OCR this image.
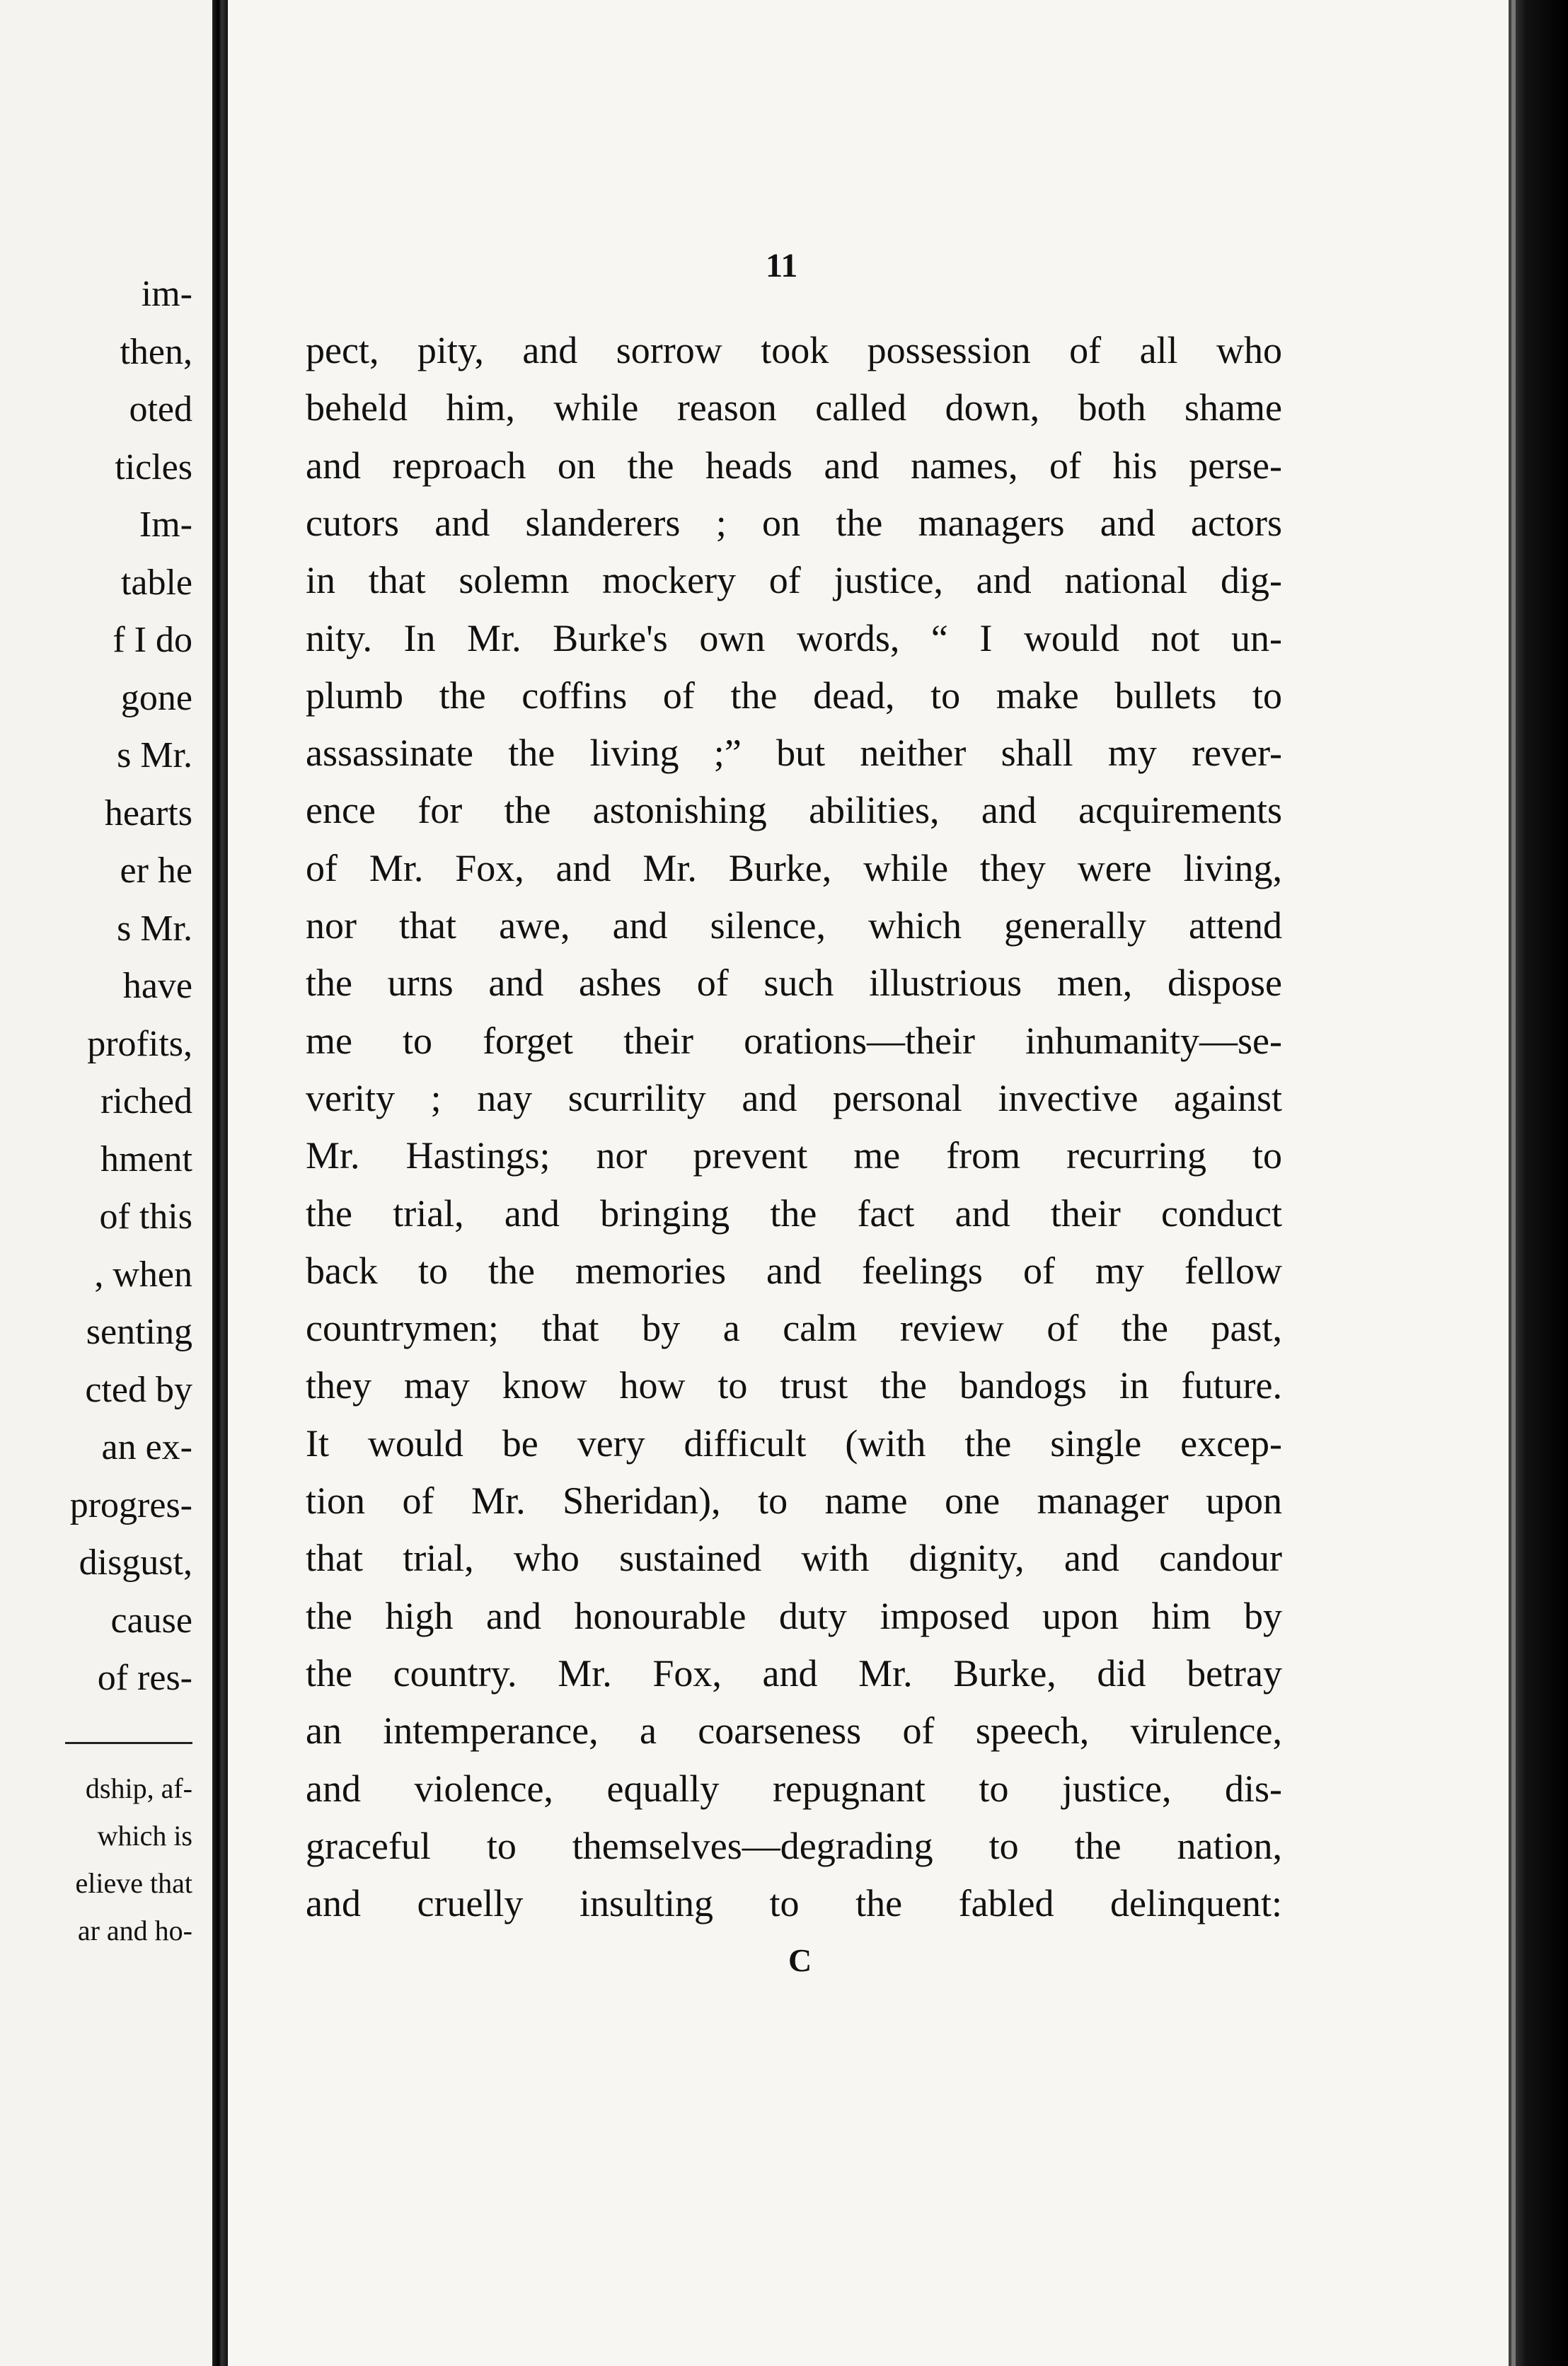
im-
then,
oted
ticles
Im-
table
f I do
gone
s Mr.
hearts
er he
s Mr.
have
profits,
riched
hment
of this
, when
senting
cted by
an ex-
progres-
disgust,
cause
of res-
dship, af-
which is
elieve that
ar and ho-
11
pect, pity, and sorrow took possession of all who
beheld him, while reason called down, both shame
and reproach on the heads and names, of his perse-
cutors and slanderers ; on the managers and actors
in that solemn mockery of justice, and national dig-
nity. In Mr. Burke's own words, “ I would not un-
plumb the coffins of the dead, to make bullets to
assassinate the living ;” but neither shall my rever-
ence for the astonishing abilities, and acquirements
of Mr. Fox, and Mr. Burke, while they were living,
nor that awe, and silence, which generally attend
the urns and ashes of such illustrious men, dispose
me to forget their orations—their inhumanity—se-
verity ; nay scurrility and personal invective against
Mr. Hastings; nor prevent me from recurring to
the trial, and bringing the fact and their conduct
back to the memories and feelings of my fellow
countrymen; that by a calm review of the past,
they may know how to trust the bandogs in future.
It would be very difficult (with the single excep-
tion of Mr. Sheridan), to name one manager upon
that trial, who sustained with dignity, and candour
the high and honourable duty imposed upon him by
the country. Mr. Fox, and Mr. Burke, did betray
an intemperance, a coarseness of speech, virulence,
and violence, equally repugnant to justice, dis-
graceful to themselves—degrading to the nation,
and cruelly insulting to the fabled delinquent:
C
